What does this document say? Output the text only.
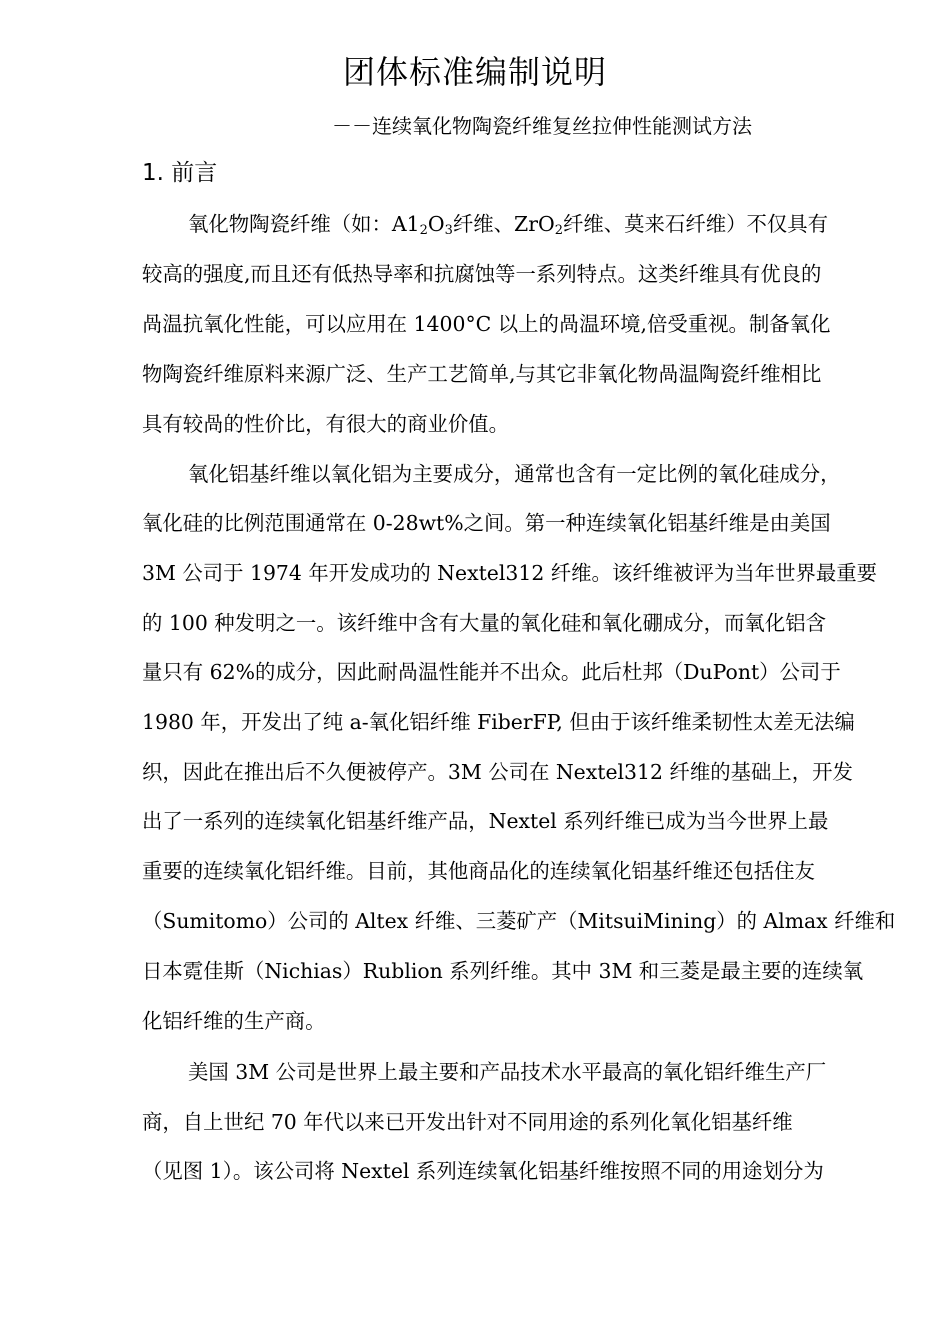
团体标准编制说明
－－连续氧化物陶瓷纤维复丝拉伸性能测试方法
1. 前言
氧化物陶瓷纤维（如：$A1_2O_3$纤维、ZrO$_2$纤维、莫来石纤维）不仅具有
较高的强度,而且还有低热导率和抗腐蚀等一系列特点。这类纤维具有优良的
咼温抗氧化性能，可以应用在 1400°C 以上的咼温环境,倍受重视。制备氧化
物陶瓷纤维原料来源广泛、生产工艺简单,与其它非氧化物咼温陶瓷纤维相比
具有较咼的性价比，有很大的商业价值。
氧化铝基纤维以氧化铝为主要成分，通常也含有一定比例的氧化硅成分，
氧化硅的比例范围通常在 0-28wt%之间。第一种连续氧化铝基纤维是由美国
3M 公司于 1974 年开发成功的 Nextel312 纤维。该纤维被评为当年世界最重要
的 100 种发明之一。该纤维中含有大量的氧化硅和氧化硼成分，而氧化铝含
量只有 62%的成分，因此耐咼温性能并不出众。此后杜邦（DuPont）公司于
1980 年，开发出了纯 a-氧化铝纤维 FiberFP, 但由于该纤维柔韧性太差无法编
织，因此在推出后不久便被停产。3M 公司在 Nextel312 纤维的基础上，开发
出了一系列的连续氧化铝基纤维产品，Nextel 系列纤维已成为当今世界上最
重要的连续氧化铝纤维。目前，其他商品化的连续氧化铝基纤维还包括住友
（Sumitomo）公司的 Altex 纤维、三菱矿产（MitsuiMining）的 Almax 纤维和
日本霓佳斯（Nichias）Rublion 系列纤维。其中 3M 和三菱是最主要的连续氧
化铝纤维的生产商。
美国 3M 公司是世界上最主要和产品技术水平最高的氧化铝纤维生产厂
商，自上世纪 70 年代以来已开发出针对不同用途的系列化氧化铝基纤维
（见图 1）。该公司将 Nextel 系列连续氧化铝基纤维按照不同的用途划分为
